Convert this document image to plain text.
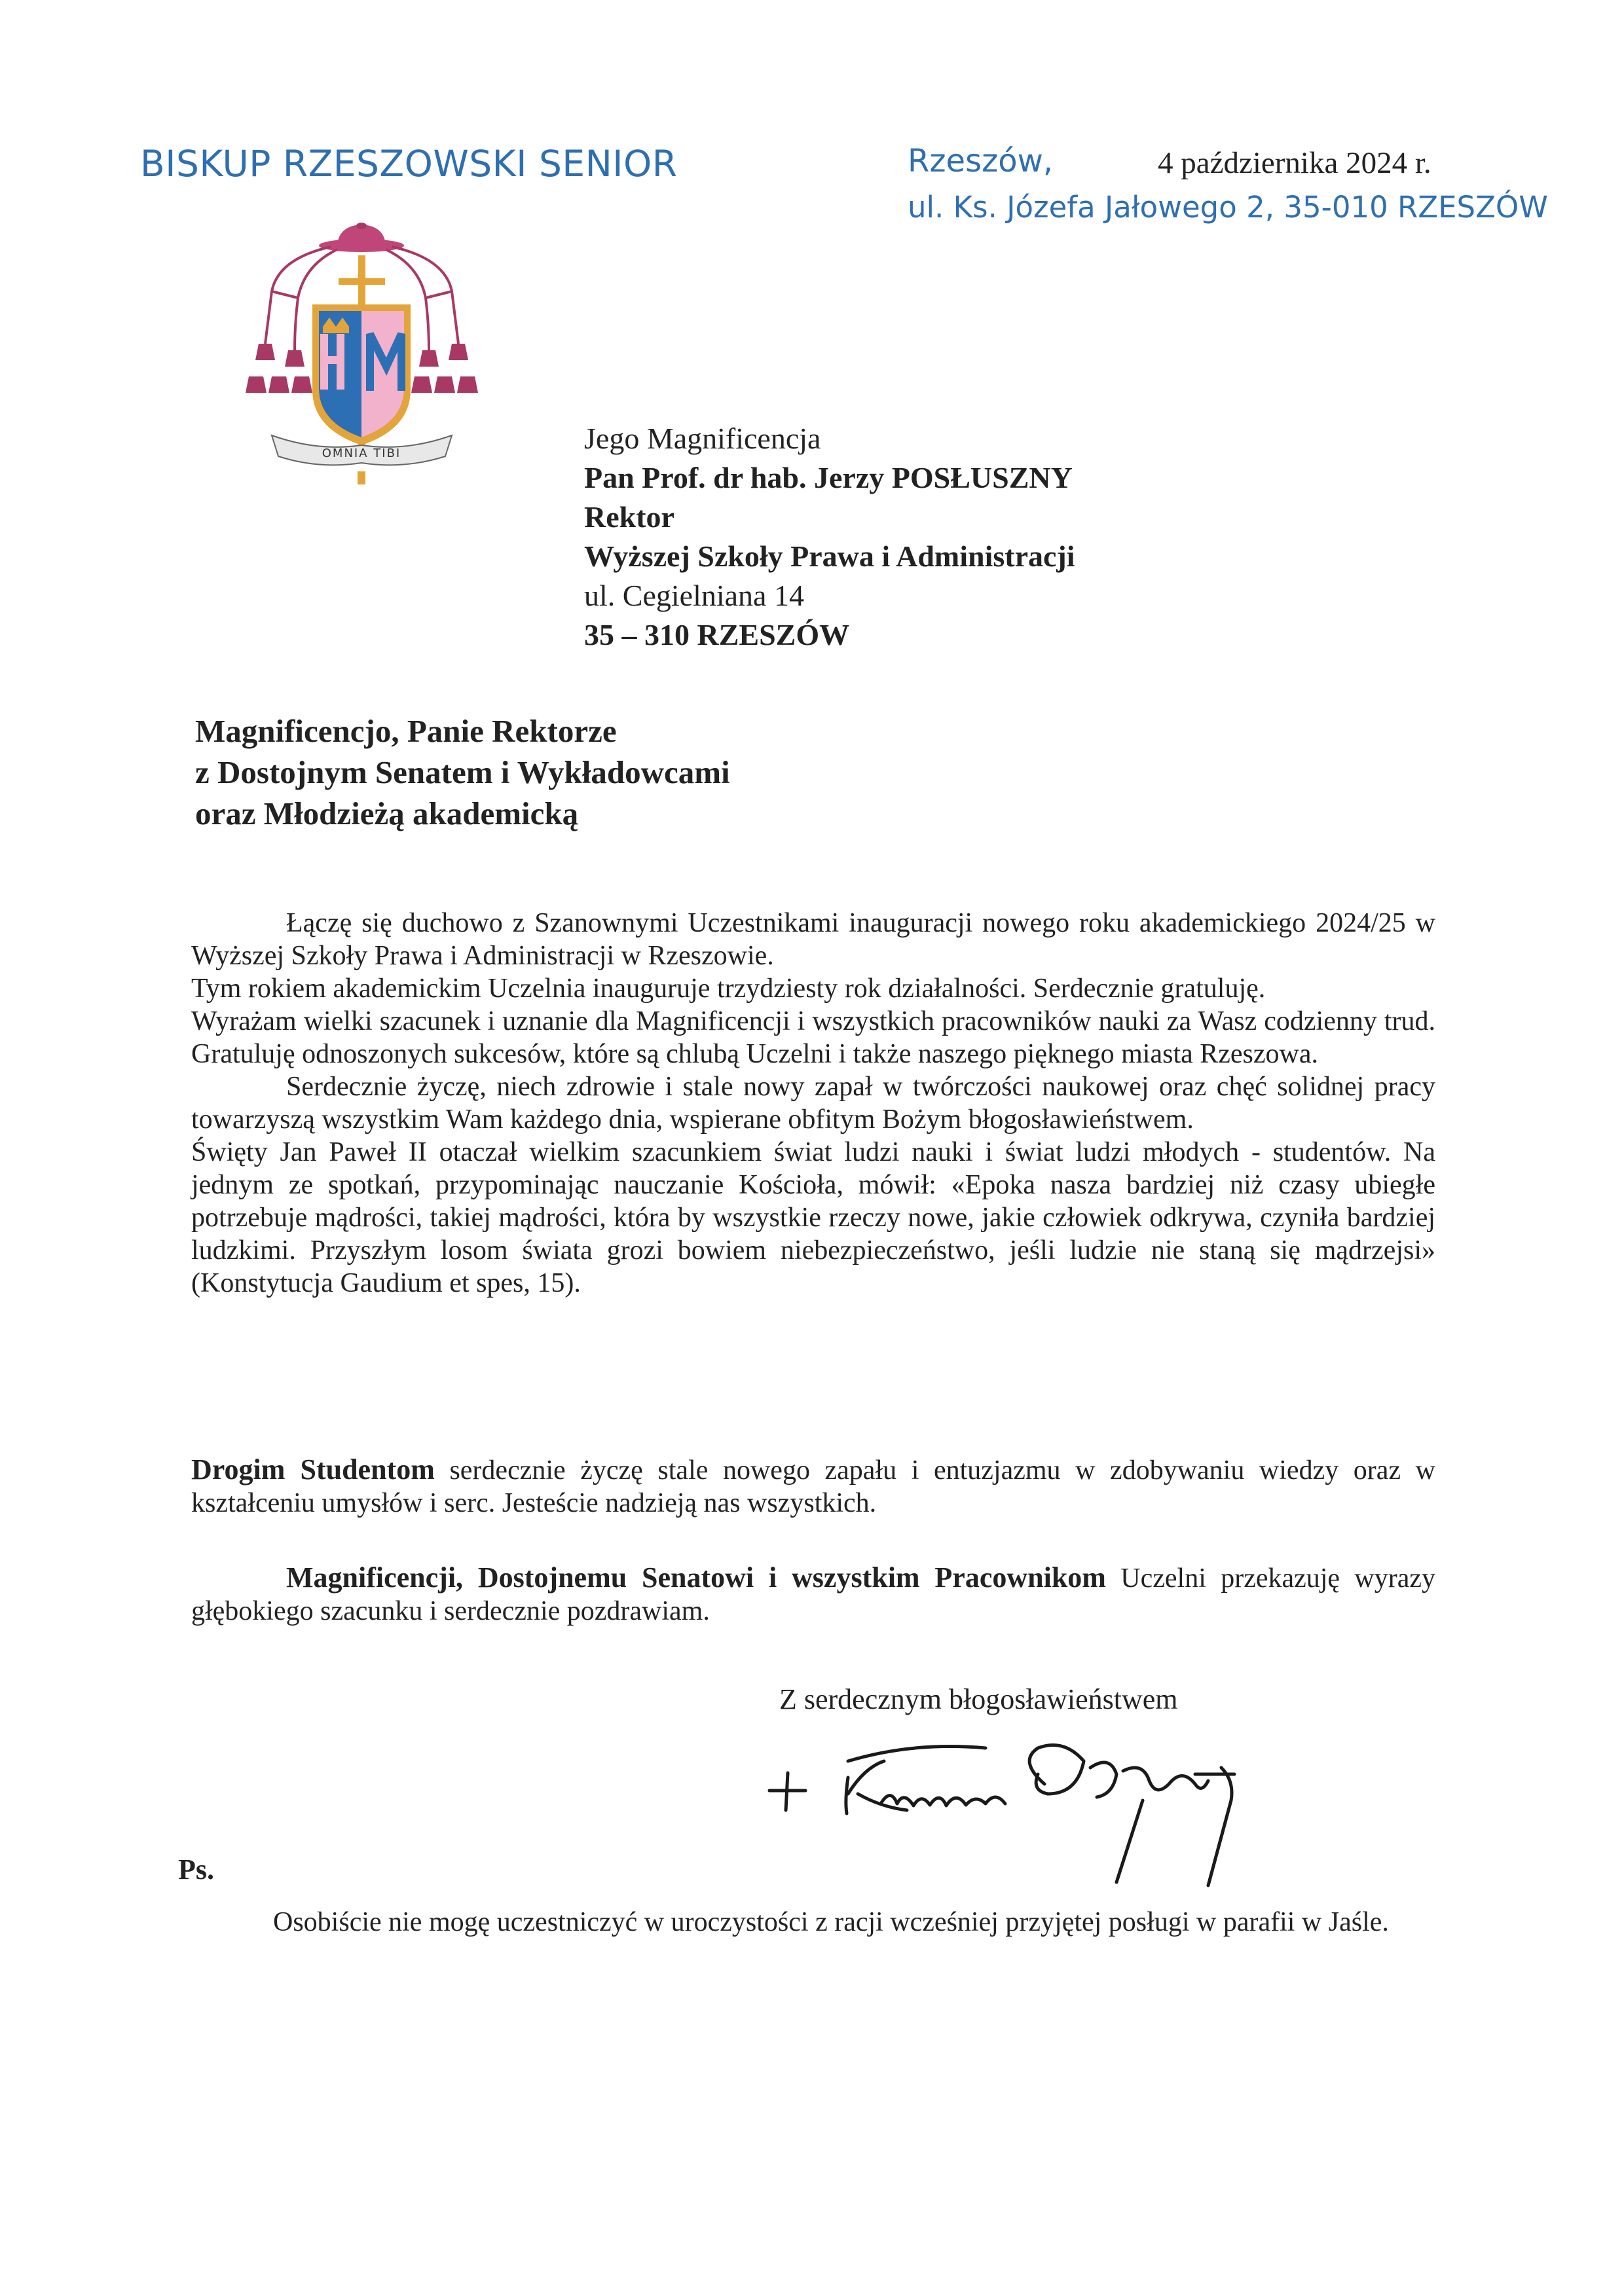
BISKUP RZESZOWSKI SENIOR	Rzeszów,	4 października 2024 r.
ul. Ks. Józefa Jałowego 2, 35-010 RZESZÓW
OMNIA TIBI	Jego Magnificencja
Pan Prof. dr hab. Jerzy POSŁUSZNY
Rektor
Wyższej Szkoły Prawa i Administracji
ul. Cegielniana 14
35 – 310 RZESZÓW
Magnificencjo, Panie Rektorze
z Dostojnym Senatem i Wykładowcami
oraz Młodzieżą akademicką

Łączę się duchowo z Szanownymi Uczestnikami inauguracji nowego roku akademickiego 2024/25 w Wyższej Szkoły Prawa i Administracji w Rzeszowie.

Tym rokiem akademickim Uczelnia inauguruje trzydziesty rok działalności. Serdecznie gratuluję.

Wyrażam wielki szacunek i uznanie dla Magnificencji i wszystkich pracowników nauki za Wasz codzienny trud. Gratuluję odnoszonych sukcesów, które są chlubą Uczelni i także naszego pięknego miasta Rzeszowa.

Serdecznie życzę, niech zdrowie i stale nowy zapał w twórczości naukowej oraz chęć solidnej pracy towarzyszą wszystkim Wam każdego dnia, wspierane obfitym Bożym błogosławieństwem.

Święty Jan Paweł II otaczał wielkim szacunkiem świat ludzi nauki i świat ludzi młodych - studentów. Na jednym ze spotkań, przypominając nauczanie Kościoła, mówił: «Epoka nasza bardziej niż czasy ubiegłe potrzebuje mądrości, takiej mądrości, która by wszystkie rzeczy nowe, jakie człowiek odkrywa, czyniła bardziej ludzkimi. Przyszłym losom świata grozi bowiem niebezpieczeństwo, jeśli ludzie nie staną się mądrzejsi» (Konstytucja Gaudium et spes, 15).

Drogim Studentom serdecznie życzę stale nowego zapału i entuzjazmu w zdobywaniu wiedzy oraz w kształceniu umysłów i serc. Jesteście nadzieją nas wszystkich.

Magnificencji, Dostojnemu Senatowi i wszystkim Pracownikom Uczelni przekazuję wyrazy głębokiego szacunku i serdecznie pozdrawiam.

Z serdecznym błogosławieństwem
Ps.
Osobiście nie mogę uczestniczyć w uroczystości z racji wcześniej przyjętej posługi w parafii w Jaśle.
